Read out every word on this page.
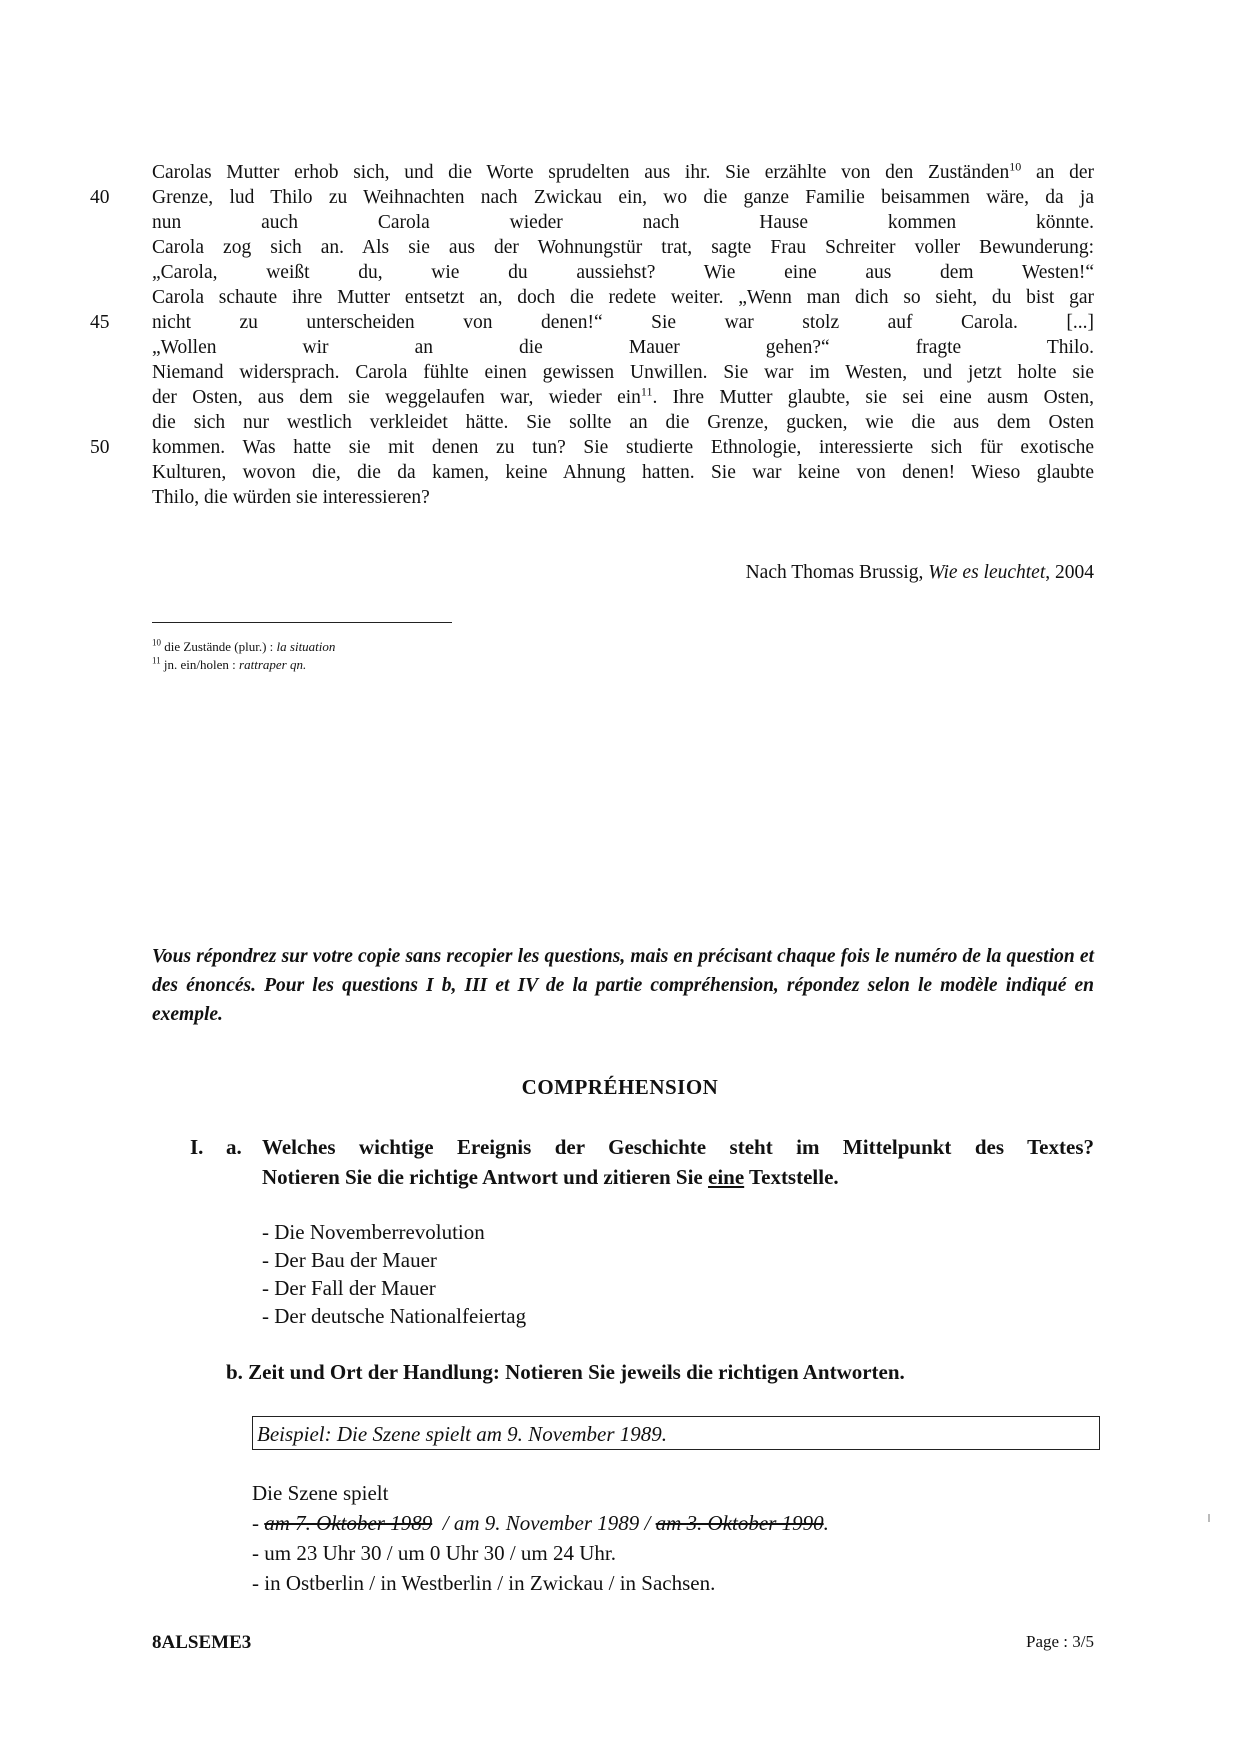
Carolas Mutter erhob sich, und die Worte sprudelten aus ihr. Sie erzählte von den Zuständen$^{10}$ an der
40	Grenze, lud Thilo zu Weihnachten nach Zwickau ein, wo die ganze Familie beisammen wäre, da ja
nun auch Carola wieder nach Hause kommen könnte.
Carola zog sich an. Als sie aus der Wohnungstür trat, sagte Frau Schreiter voller Bewunderung:
„Carola, weißt du, wie du aussiehst? Wie eine aus dem Westen!“
Carola schaute ihre Mutter entsetzt an, doch die redete weiter. „Wenn man dich so sieht, du bist gar
45	nicht zu unterscheiden von denen!“ Sie war stolz auf Carola. [...]
„Wollen wir an die Mauer gehen?“ fragte Thilo.
Niemand widersprach. Carola fühlte einen gewissen Unwillen. Sie war im Westen, und jetzt holte sie
der Osten, aus dem sie weggelaufen war, wieder ein$^{11}$. Ihre Mutter glaubte, sie sei eine ausm Osten,
die sich nur westlich verkleidet hätte. Sie sollte an die Grenze, gucken, wie die aus dem Osten
50	kommen. Was hatte sie mit denen zu tun? Sie studierte Ethnologie, interessierte sich für exotische
Kulturen, wovon die, die da kamen, keine Ahnung hatten. Sie war keine von denen! Wieso glaubte
Thilo, die würden sie interessieren?
Nach Thomas Brussig, Wie es leuchtet, 2004
$^{10}$ die Zustände (plur.) : la situation
$^{11}$ jn. ein/holen : rattraper qn.
Vous répondrez sur votre copie sans recopier les questions, mais en précisant chaque fois le numéro de la question et des énoncés. Pour les questions I b, III et IV de la partie compréhension, répondez selon le modèle indiqué en exemple.
COMPRÉHENSION
I. a. Welches wichtige Ereignis der Geschichte steht im Mittelpunkt des Textes?
Notieren Sie die richtige Antwort und zitieren Sie eine Textstelle.
- Die Novemberrevolution
- Der Bau der Mauer
- Der Fall der Mauer
- Der deutsche Nationalfeiertag
b. Zeit und Ort der Handlung: Notieren Sie jeweils die richtigen Antworten.
Beispiel: Die Szene spielt am 9. November 1989.
Die Szene spielt
- am 7. Oktober 1989  / am 9. November 1989 / am 3. Oktober 1990.
- um 23 Uhr 30 / um 0 Uhr 30 / um 24 Uhr.
- in Ostberlin / in Westberlin / in Zwickau / in Sachsen.
8ALSEME3	Page : 3/5
